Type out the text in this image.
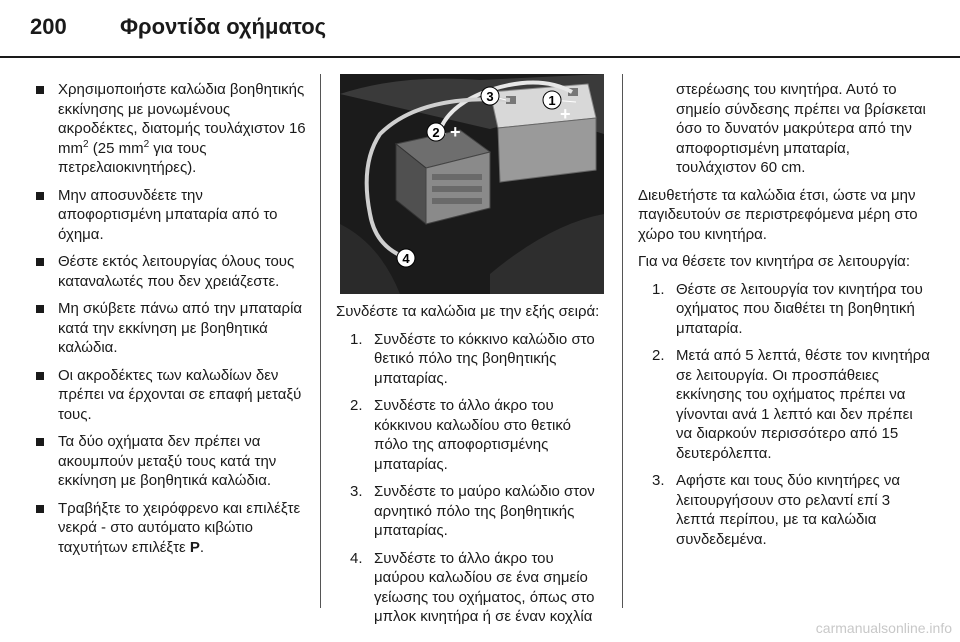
200 Φροντίδα οχήματος
Χρησιμοποιήστε καλώδια βοηθητικής εκκίνησης με μονωμένους ακροδέκτες, διατομής τουλάχιστον 16 $mm^2$ (25 $mm^2$ για τους πετρελαιοκινητήρες).
Μην αποσυνδέετε την αποφορτισμένη μπαταρία από το όχημα.
Θέστε εκτός λειτουργίας όλους τους καταναλωτές που δεν χρειάζεστε.
Μη σκύβετε πάνω από την μπαταρία κατά την εκκίνηση με βοηθητικά καλώδια.
Οι ακροδέκτες των καλωδίων δεν πρέπει να έρχονται σε επαφή μεταξύ τους.
Τα δύο οχήματα δεν πρέπει να ακουμπούν μεταξύ τους κατά την εκκίνηση με βοηθητικά καλώδια.
Τραβήξτε το χειρόφρενο και επιλέξτε νεκρά - στο αυτόματο κιβώτιο ταχυτήτων επιλέξτε P.
1
+
2 +
3
4

Συνδέστε τα καλώδια με την εξής σειρά:

1. Συνδέστε το κόκκινο καλώδιο στο θετικό πόλο της βοηθητικής μπαταρίας.
2. Συνδέστε το άλλο άκρο του κόκκινου καλωδίου στο θετικό πόλο της αποφορτισμένης μπαταρίας.
3. Συνδέστε το μαύρο καλώδιο στον αρνητικό πόλο της βοηθητικής μπαταρίας.
4. Συνδέστε το άλλο άκρο του μαύρου καλωδίου σε ένα σημείο γείωσης του οχήματος, όπως στο μπλοκ κινητήρα ή σε έναν κοχλία
στερέωσης του κινητήρα. Αυτό το σημείο σύνδεσης πρέπει να βρίσκεται όσο το δυνατόν μακρύτερα από την αποφορτισμένη μπαταρία, τουλάχιστον 60 cm.

Διευθετήστε τα καλώδια έτσι, ώστε να μην παγιδευτούν σε περιστρεφόμενα μέρη στο χώρο του κινητήρα.

Για να θέσετε τον κινητήρα σε λειτουργία:

1. Θέστε σε λειτουργία τον κινητήρα του οχήματος που διαθέτει τη βοηθητική μπαταρία.
2. Μετά από 5 λεπτά, θέστε τον κινητήρα σε λειτουργία. Οι προσπάθειες εκκίνησης του οχήματος πρέπει να γίνονται ανά 1 λεπτό και δεν πρέπει να διαρκούν περισσότερο από 15 δευτερόλεπτα.
3. Αφήστε και τους δύο κινητήρες να λειτουργήσουν στο ρελαντί επί 3 λεπτά περίπου, με τα καλώδια συνδεδεμένα.
carmanualsonline.info
